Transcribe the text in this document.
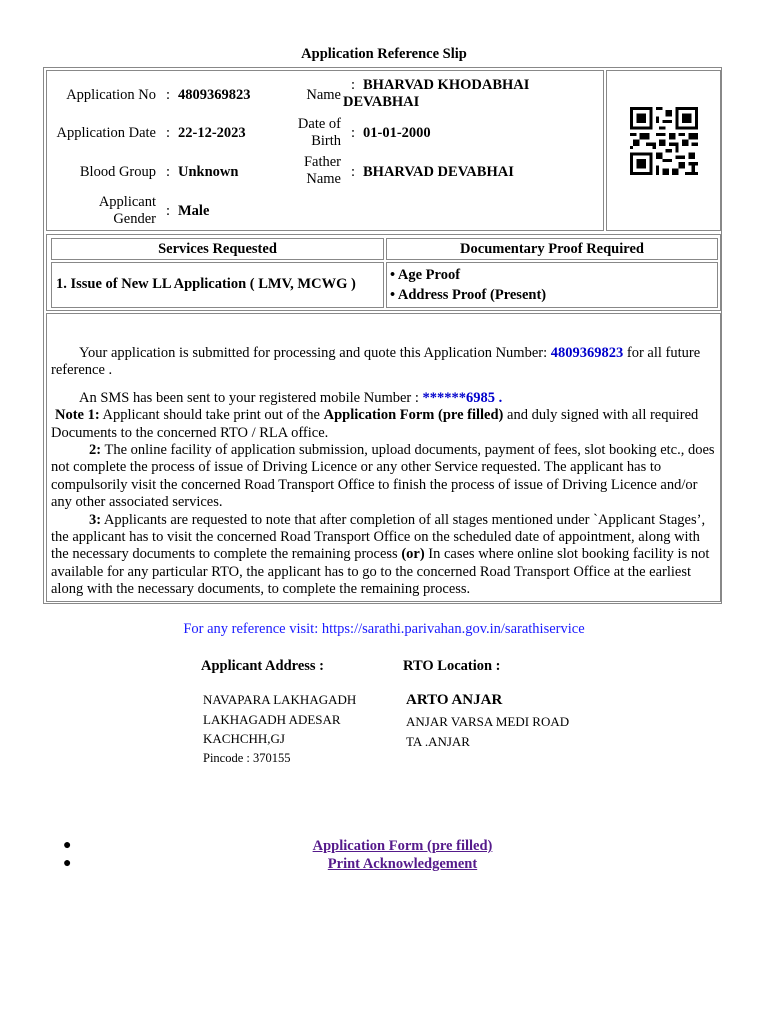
Application Reference Slip
Application No : 4809369823
Application Date : 22-12-2023
Blood Group : Unknown
Applicant
Gender : Male
Name
: BHARVAD KHODABHAI
DEVABHAI
Date of
Birth : 01-01-2000
Father
Name : BHARVAD DEVABHAI
Services Requested	Documentary Proof Required
1. Issue of New LL Application ( LMV, MCWG )
• Age Proof
• Address Proof (Present)

Your application is submitted for processing and quote this Application Number: 4809369823 for all future reference .

An SMS has been sent to your registered mobile Number : ******6985 .

Note 1: Applicant should take print out of the Application Form (pre filled) and duly signed with all required Documents to the concerned RTO / RLA office.

2: The online facility of application submission, upload documents, payment of fees, slot booking etc., does not complete the process of issue of Driving Licence or any other Service requested. The applicant has to compulsorily visit the concerned Road Transport Office to finish the process of issue of Driving Licence and/or any other associated services.

3: Applicants are requested to note that after completion of all stages mentioned under `Applicant Stages’, the applicant has to visit the concerned Road Transport Office on the scheduled date of appointment, along with the necessary documents to complete the remaining process (or) In cases where online slot booking facility is not available for any particular RTO, the applicant has to go to the concerned Road Transport Office at the earliest along with the necessary documents, to complete the remaining process.

For any reference visit: https://sarathi.parivahan.gov.in/sarathiservice
Applicant Address :
NAVAPARA LAKHAGADH
LAKHAGADH ADESAR
KACHCHH,GJ
Pincode : 370155
RTO Location :
ARTO ANJAR
ANJAR VARSA MEDI ROAD
TA .ANJAR
●	Application Form (pre filled)
●	Print Acknowledgement
